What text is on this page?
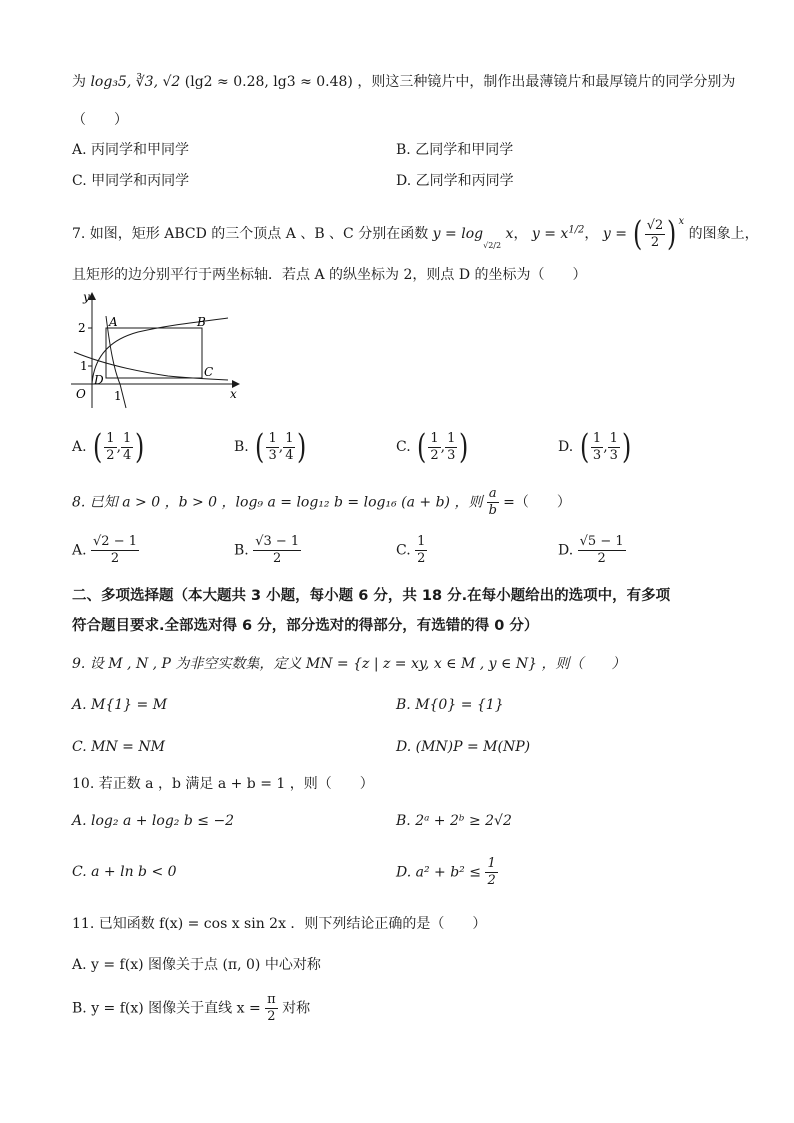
为 log₃5, ∛3, √2 (lg2 ≈ 0.28, lg3 ≈ 0.48) ，则这三种镜片中，制作出最薄镜片和最厚镜片的同学分别为
（　　）
A. 丙同学和甲同学	B. 乙同学和甲同学
C. 甲同学和丙同学	D. 乙同学和丙同学
7. 如图，矩形 ABCD 的三个顶点 A 、B 、C 分别在函数 y = log√2/2 x， $y = x^{1/2}$， y = ( $\frac{√2}{2}$ ) $^x$ 的图象上，
且矩形的边分别平行于两坐标轴．若点 A 的纵坐标为 2，则点 D 的坐标为（　　）
y
x
O
2
1
1
A	B
C
D
A. ( $\frac{1}{2}$ , $\frac{1}{4}$ )	B. ( $\frac{1}{3}$ , $\frac{1}{4}$ )	C. ( $\frac{1}{2}$ , $\frac{1}{3}$ )	D. ( $\frac{1}{3}$ , $\frac{1}{3}$ )
8. 已知 a > 0 ，b > 0 ，log₉ a = log₁₂ b = log₁₆ (a + b) ，则 $\frac{a}{b}$ =（　　）
A. $\frac{√2 - 1}{2}$	B. $\frac{√3 - 1}{2}$	C. $\frac{1}{2}$	D. $\frac{√5 - 1}{2}$
二、多项选择题（本大题共 3 小题，每小题 6 分，共 18 分.在每小题给出的选项中，有多项
符合题目要求.全部选对得 6 分，部分选对的得部分，有选错的得 0 分）
9. 设 M , N , P 为非空实数集，定义 MN = {z | z = xy, x ∈ M , y ∈ N} ，则（　　）
A. M{1} = M	B. M{0} = {1}
C. MN = NM	D. (MN)P = M(NP)
10. 若正数 a ，b 满足 a + b = 1 ，则（　　）
A. log₂ a + log₂ b ≤ −2	B. 2ᵃ + 2ᵇ ≥ 2√2
C. a + ln b < 0	D. $a^2 + b^2 \le \frac{1}{2}$
11. 已知函数 f(x) = cos x sin 2x ．则下列结论正确的是（　　）
A. y = f(x) 图像关于点 (π, 0) 中心对称
B. y = f(x) 图像关于直线 $x = \frac{\pi}{2}$ 对称
